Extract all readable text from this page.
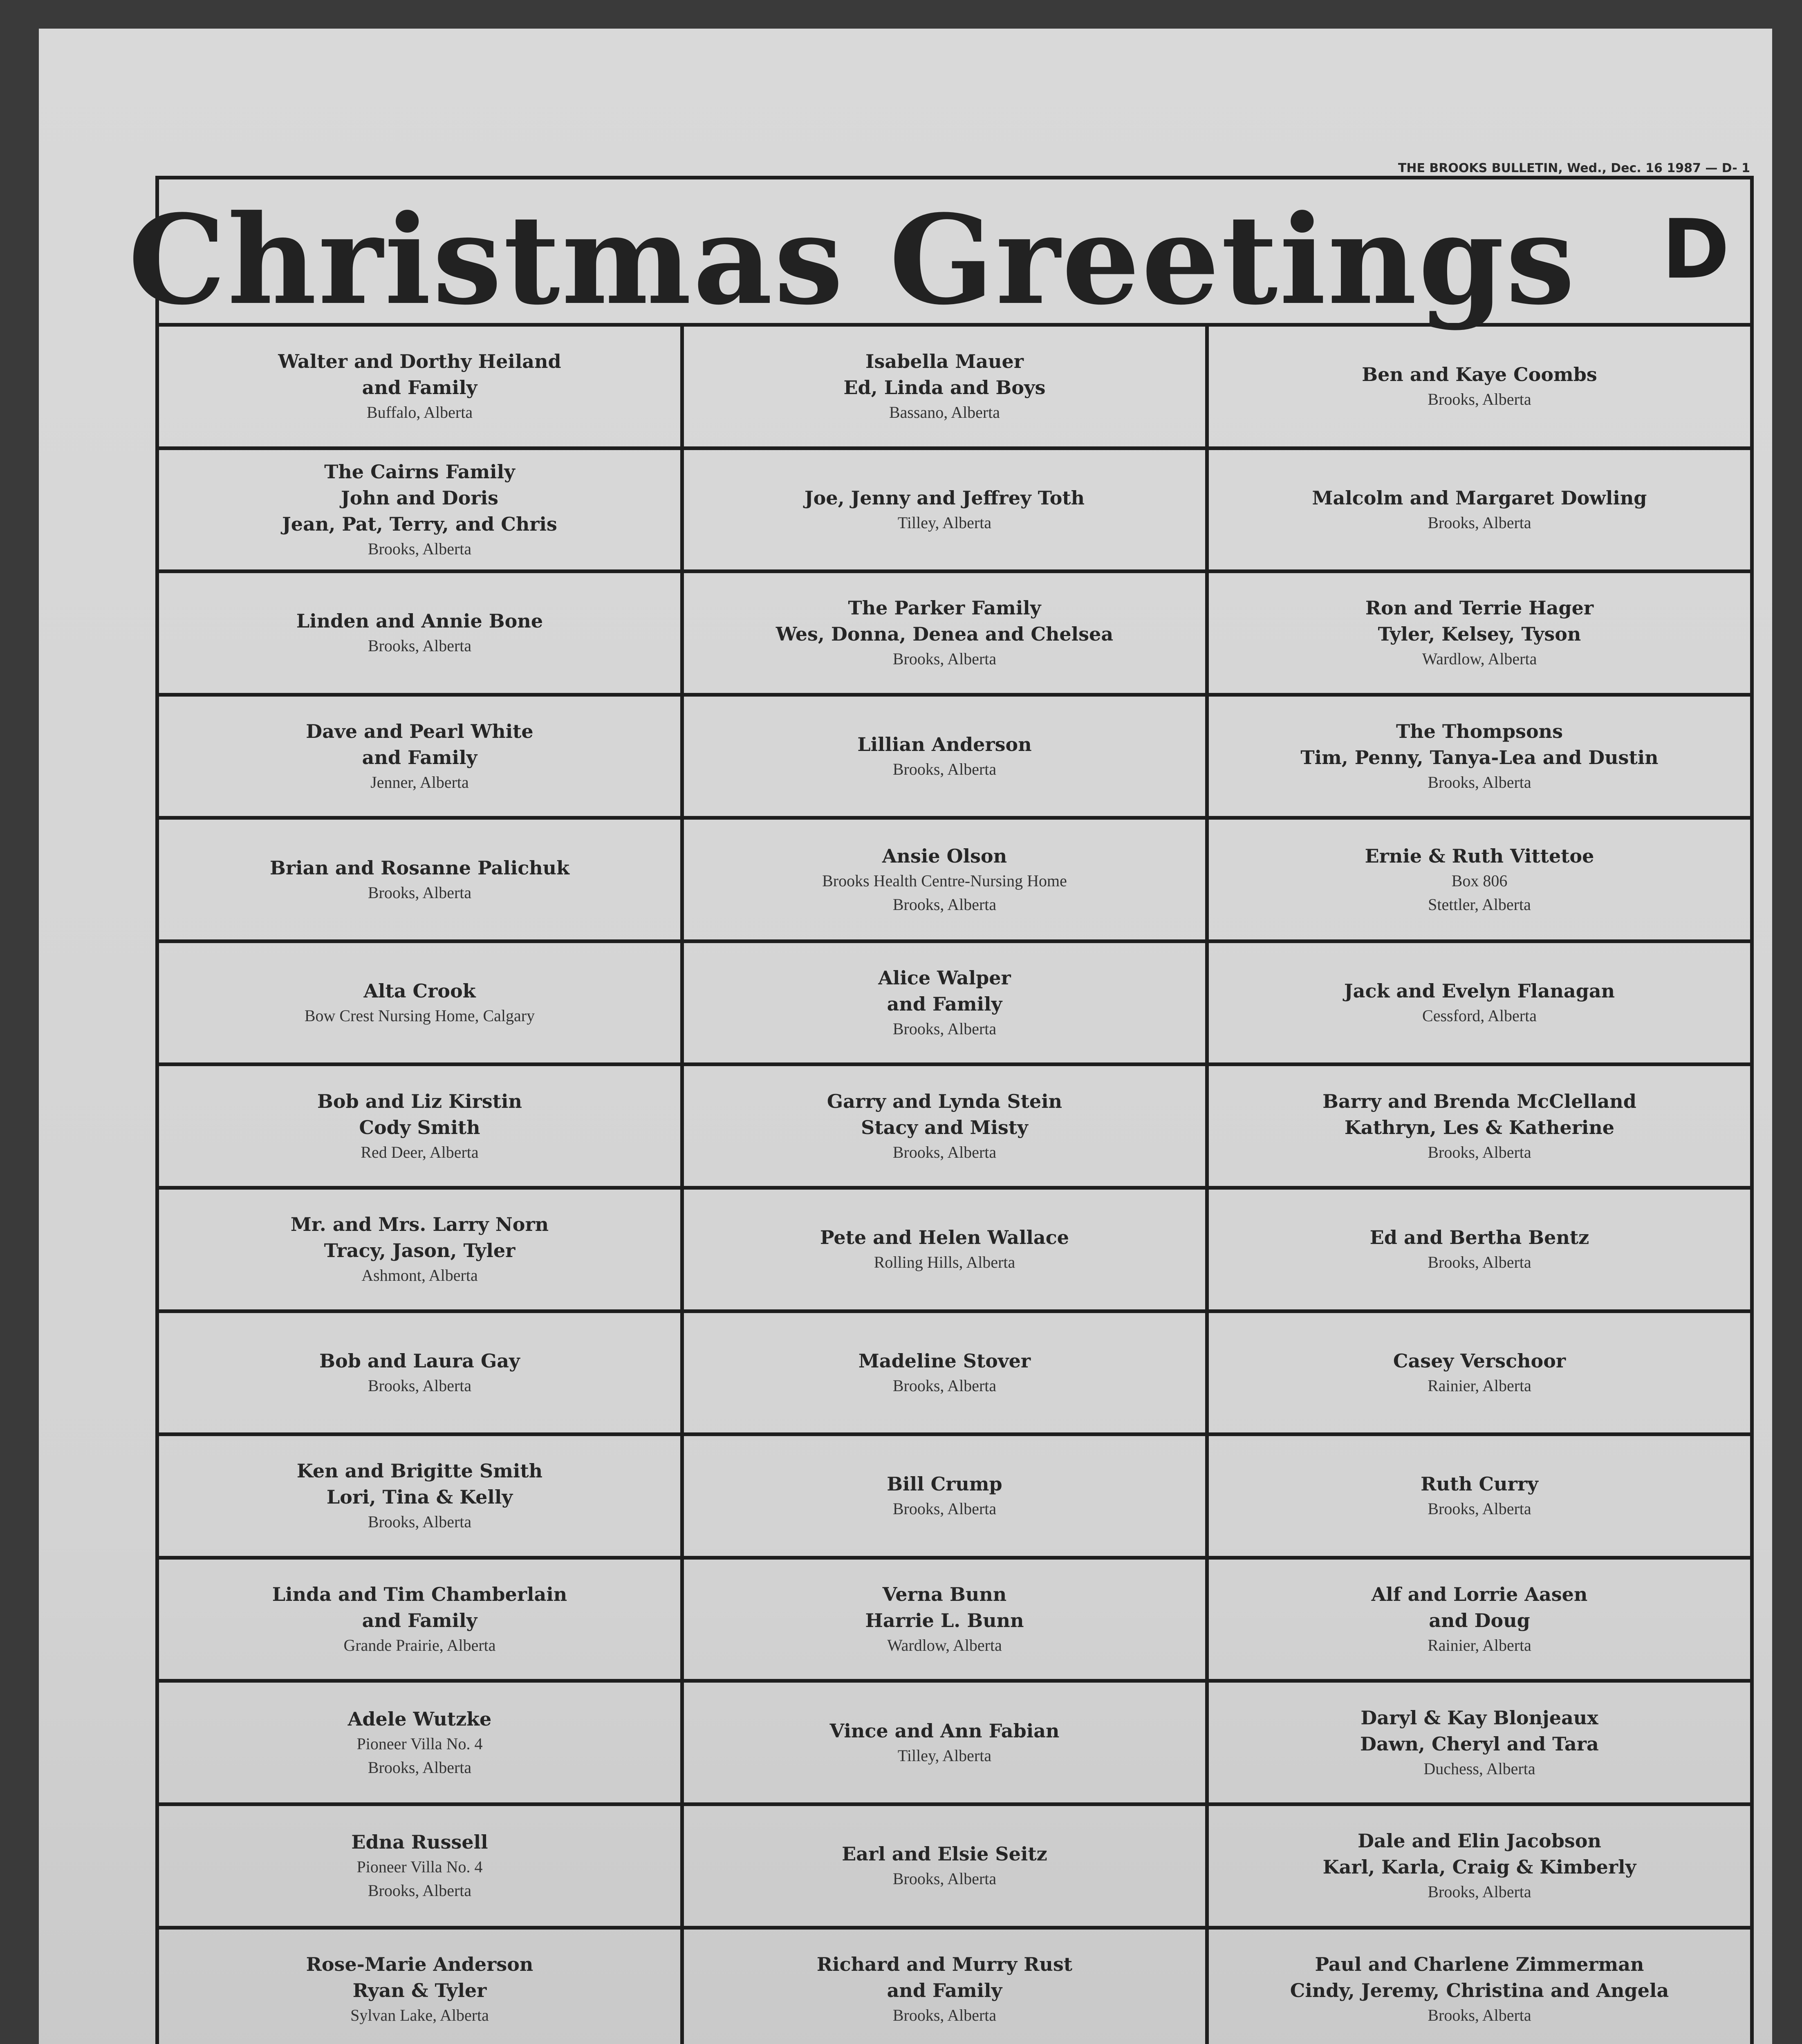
THE BROOKS BULLETIN, Wed., Dec. 16 1987 — D- 1
Christmas Greetings	D
Walter and Dorthy Heiland
and Family
Buffalo, Alberta
Isabella Mauer
Ed, Linda and Boys
Bassano, Alberta
Ben and Kaye Coombs
Brooks, Alberta
The Cairns Family
John and Doris
Jean, Pat, Terry, and Chris
Brooks, Alberta
Joe, Jenny and Jeffrey Toth
Tilley, Alberta
Malcolm and Margaret Dowling
Brooks, Alberta
Linden and Annie Bone
Brooks, Alberta
The Parker Family
Wes, Donna, Denea and Chelsea
Brooks, Alberta
Ron and Terrie Hager
Tyler, Kelsey, Tyson
Wardlow, Alberta
Dave and Pearl White
and Family
Jenner, Alberta
Lillian Anderson
Brooks, Alberta
The Thompsons
Tim, Penny, Tanya-Lea and Dustin
Brooks, Alberta
Brian and Rosanne Palichuk
Brooks, Alberta
Ansie Olson
Brooks Health Centre-Nursing Home
Brooks, Alberta
Ernie & Ruth Vittetoe
Box 806
Stettler, Alberta
Alta Crook
Bow Crest Nursing Home, Calgary
Alice Walper
and Family
Brooks, Alberta
Jack and Evelyn Flanagan
Cessford, Alberta
Bob and Liz Kirstin
Cody Smith
Red Deer, Alberta
Garry and Lynda Stein
Stacy and Misty
Brooks, Alberta
Barry and Brenda McClelland
Kathryn, Les & Katherine
Brooks, Alberta
Mr. and Mrs. Larry Norn
Tracy, Jason, Tyler
Ashmont, Alberta
Pete and Helen Wallace
Rolling Hills, Alberta
Ed and Bertha Bentz
Brooks, Alberta
Bob and Laura Gay
Brooks, Alberta
Madeline Stover
Brooks, Alberta
Casey Verschoor
Rainier, Alberta
Ken and Brigitte Smith
Lori, Tina & Kelly
Brooks, Alberta
Bill Crump
Brooks, Alberta
Ruth Curry
Brooks, Alberta
Linda and Tim Chamberlain
and Family
Grande Prairie, Alberta
Verna Bunn
Harrie L. Bunn
Wardlow, Alberta
Alf and Lorrie Aasen
and Doug
Rainier, Alberta
Adele Wutzke
Pioneer Villa No. 4
Brooks, Alberta
Vince and Ann Fabian
Tilley, Alberta
Daryl & Kay Blonjeaux
Dawn, Cheryl and Tara
Duchess, Alberta
Edna Russell
Pioneer Villa No. 4
Brooks, Alberta
Earl and Elsie Seitz
Brooks, Alberta
Dale and Elin Jacobson
Karl, Karla, Craig & Kimberly
Brooks, Alberta
Rose-Marie Anderson
Ryan & Tyler
Sylvan Lake, Alberta
Richard and Murry Rust
and Family
Brooks, Alberta
Paul and Charlene Zimmerman
Cindy, Jeremy, Christina and Angela
Brooks, Alberta
